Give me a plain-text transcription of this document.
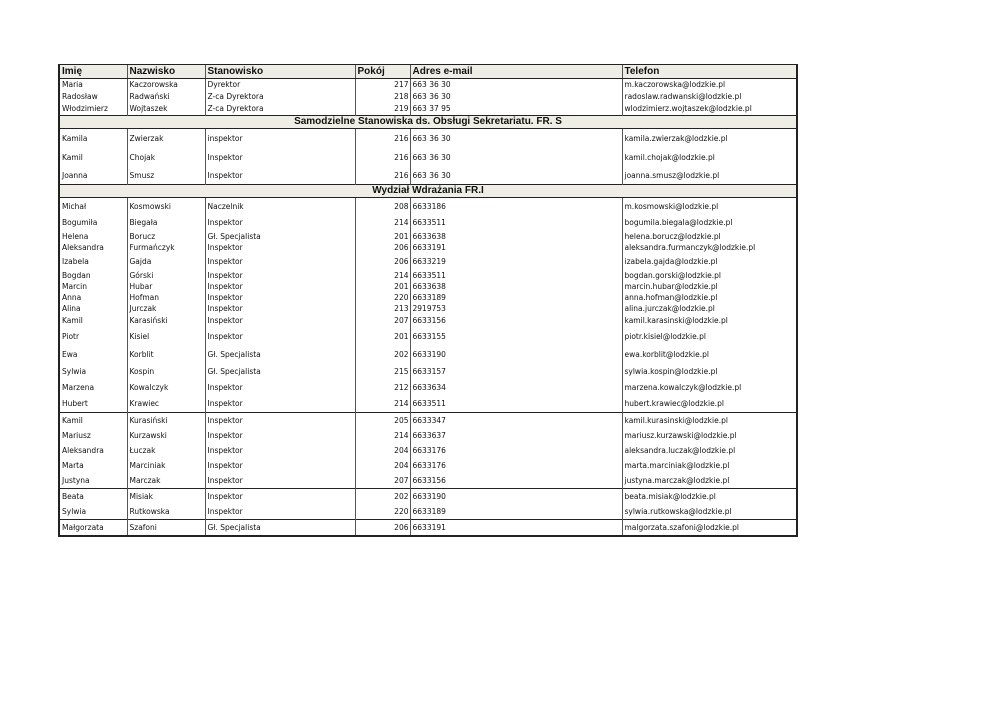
Imię	Nazwisko	Stanowisko	Pokój	Adres e-mail	Telefon
Maria	Kaczorowska	Dyrektor	217	663 36 30	m.kaczorowska@lodzkie.pl
Radosław	Radwański	Z-ca Dyrektora	218	663 36 30	radoslaw.radwanski@lodzkie.pl
Włodzimierz	Wojtaszek	Z-ca Dyrektora	219	663 37 95	wlodzimierz.wojtaszek@lodzkie.pl
Samodzielne Stanowiska ds. Obsługi Sekretariatu. FR. S					
Kamila	Zwierzak	inspektor	216	663 36 30	kamila.zwierzak@lodzkie.pl
Kamil	Chojak	Inspektor	216	663 36 30	kamil.chojak@lodzkie.pl
Joanna	Smusz	Inspektor	216	663 36 30	joanna.smusz@lodzkie.pl
Wydział Wdrażania FR.I					
Michał	Kosmowski	Naczelnik	208	6633186	m.kosmowski@lodzkie.pl
Bogumiła	Biegała	Inspektor	214	6633511	bogumila.biegala@lodzkie.pl
Helena	Borucz	Gł. Specjalista	201	6633638	helena.borucz@lodzkie.pl
Aleksandra	Furmańczyk	Inspektor	206	6633191	aleksandra.furmanczyk@lodzkie.pl
Izabela	Gajda	Inspektor	206	6633219	izabela.gajda@lodzkie.pl
Bogdan	Górski	Inspektor	214	6633511	bogdan.gorski@lodzkie.pl
Marcin	Hubar	Inspektor	201	6633638	marcin.hubar@lodzkie.pl
Anna	Hofman	Inspektor	220	6633189	anna.hofman@lodzkie.pl
Alina	Jurczak	Inspektor	213	2919753	alina.jurczak@lodzkie.pl
Kamil	Karasiński	Inspektor	207	6633156	kamil.karasinski@lodzkie.pl
Piotr	Kisiel	Inspektor	201	6633155	piotr.kisiel@lodzkie.pl
Ewa	Korblit	Gł. Specjalista	202	6633190	ewa.korblit@lodzkie.pl
Sylwia	Kospin	Gł. Specjalista	215	6633157	sylwia.kospin@lodzkie.pl
Marzena	Kowalczyk	Inspektor	212	6633634	marzena.kowalczyk@lodzkie.pl
Hubert	Krawiec	Inspektor	214	6633511	hubert.krawiec@lodzkie.pl
Kamil	Kurasiński	Inspektor	205	6633347	kamil.kurasinski@lodzkie.pl
Mariusz	Kurzawski	Inspektor	214	6633637	mariusz.kurzawski@lodzkie.pl
Aleksandra	Łuczak	Inspektor	204	6633176	aleksandra.luczak@lodzkie.pl
Marta	Marciniak	Inspektor	204	6633176	marta.marciniak@lodzkie.pl
Justyna	Marczak	Inspektor	207	6633156	justyna.marczak@lodzkie.pl
Beata	Misiak	Inspektor	202	6633190	beata.misiak@lodzkie.pl
Sylwia	Rutkowska	Inspektor	220	6633189	sylwia.rutkowska@lodzkie.pl
Małgorzata	Szafoni	Gł. Specjalista	206	6633191	malgorzata.szafoni@lodzkie.pl
